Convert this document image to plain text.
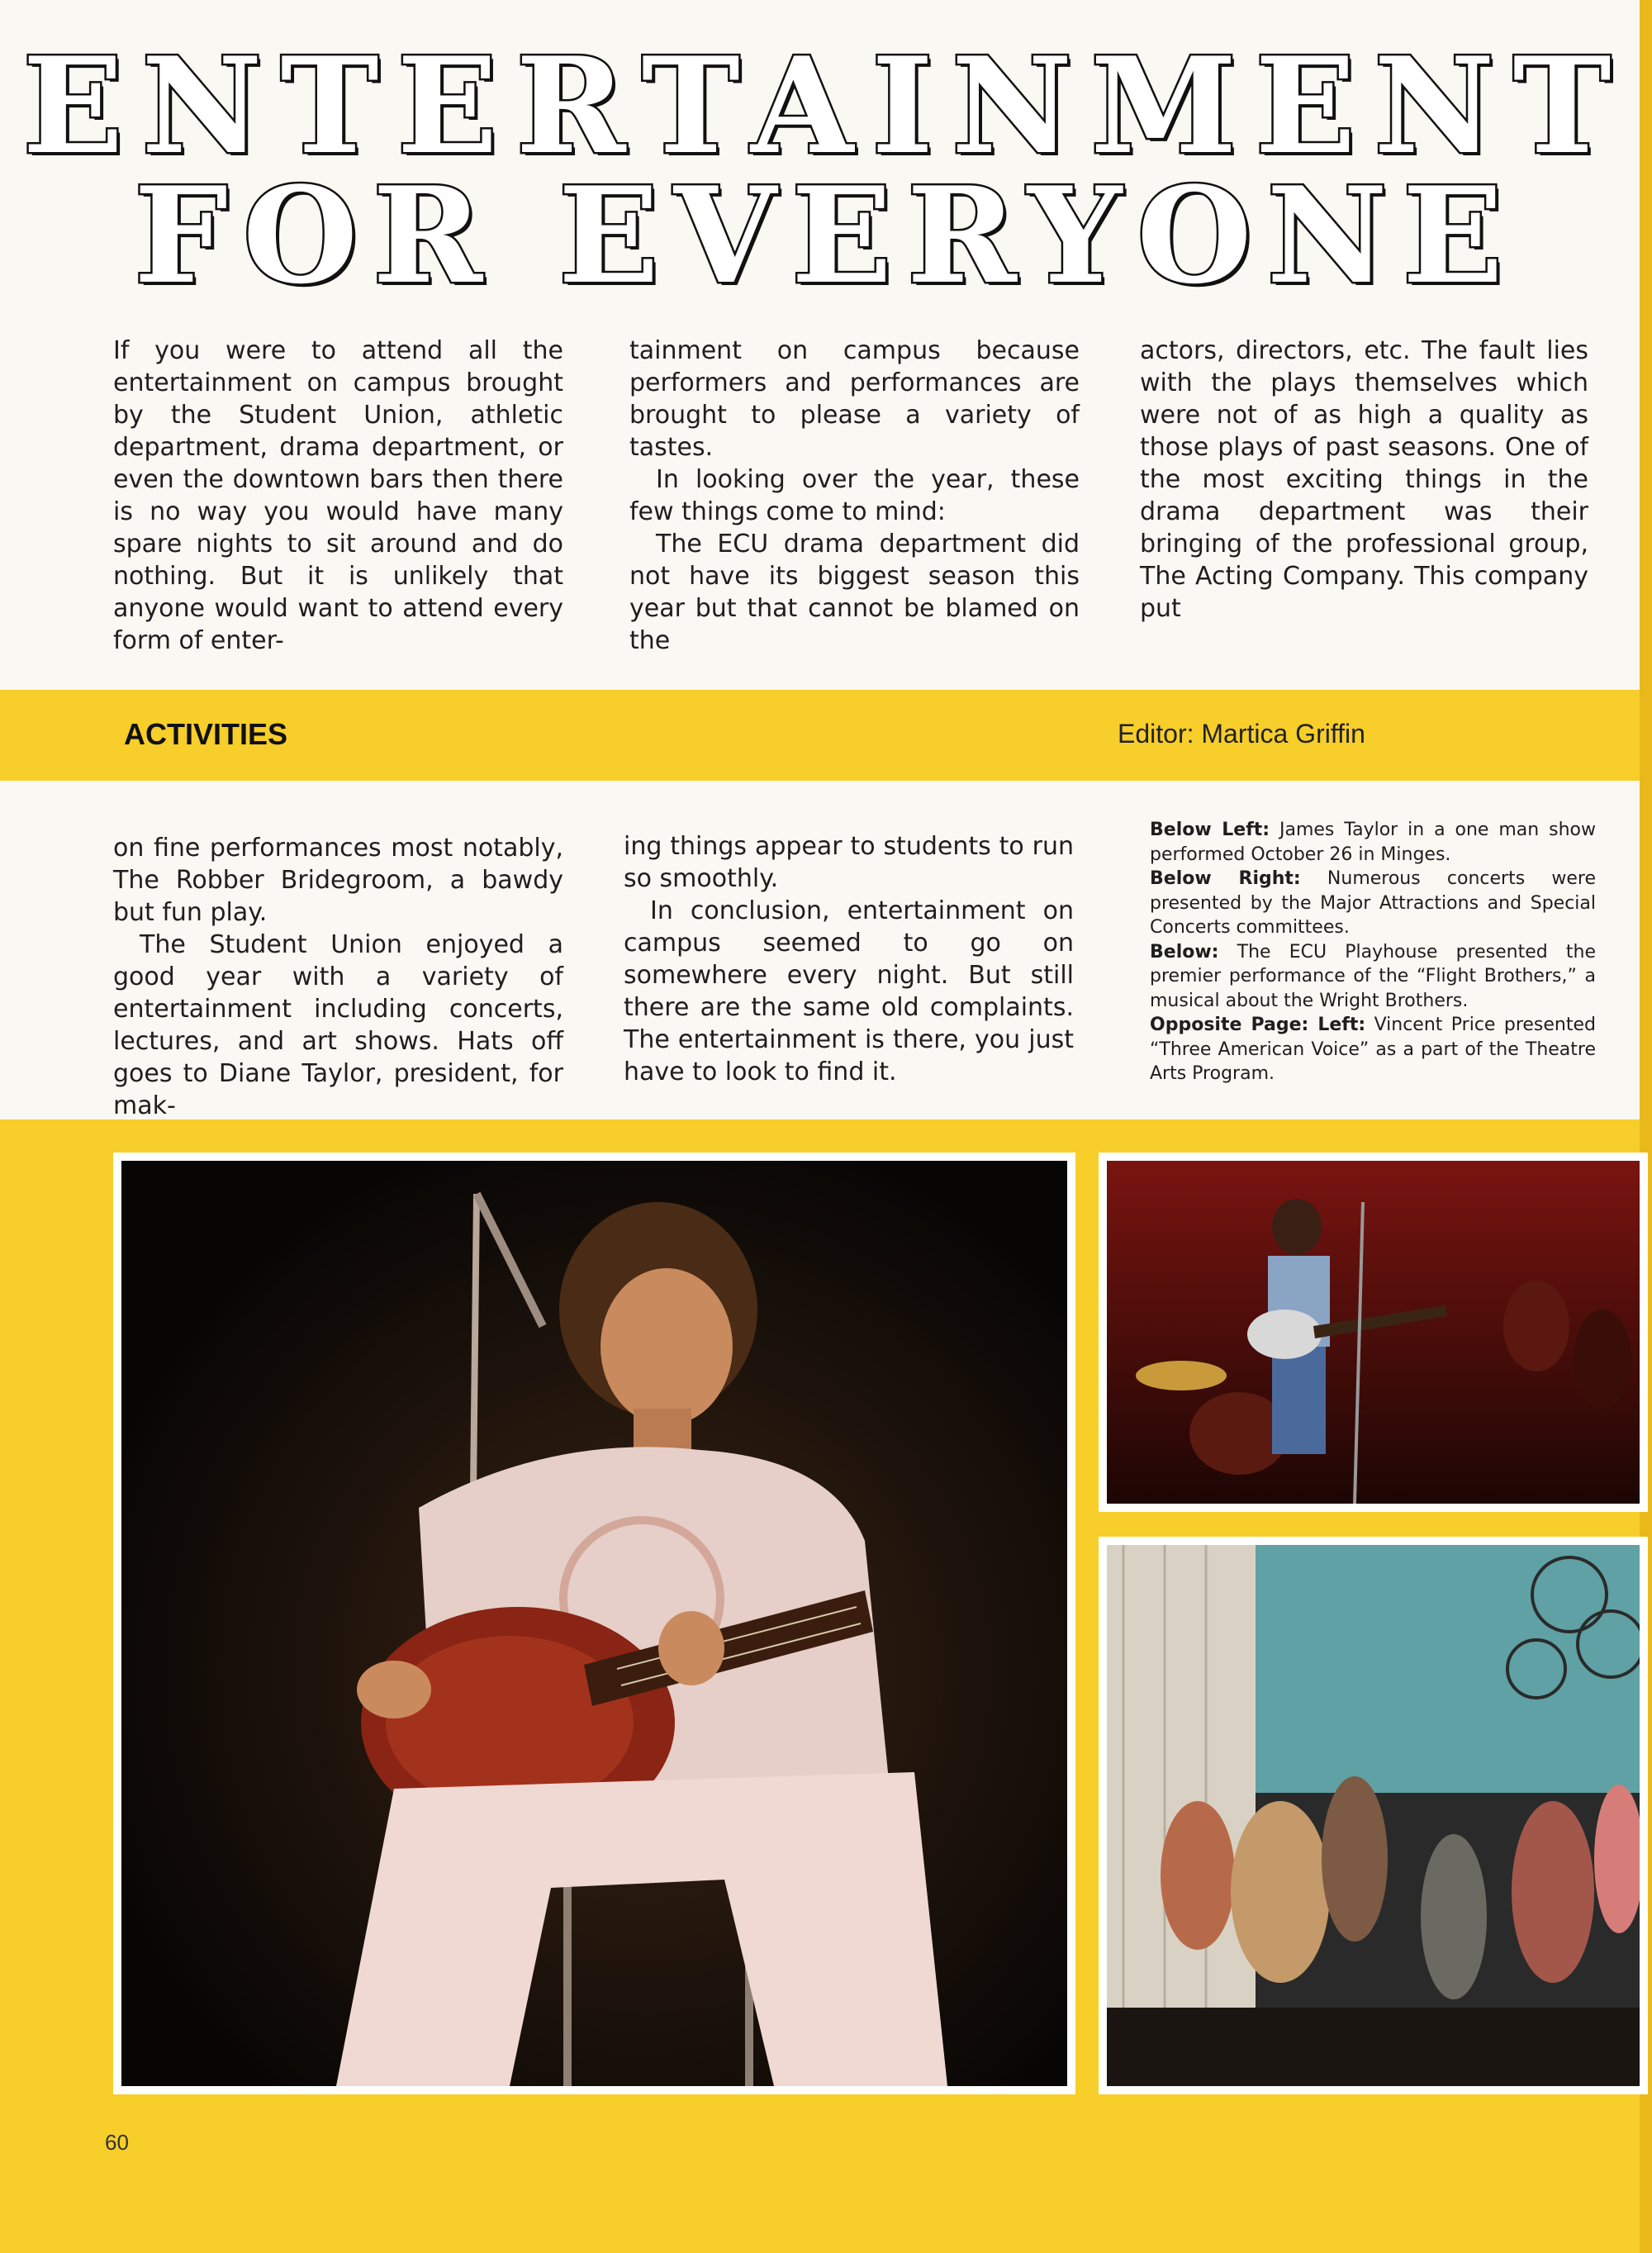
ENTERTAINMENT
FOR EVERYONE

If you were to attend all the entertainment on campus brought by the Student Union, athletic department, drama department, or even the downtown bars then there is no way you would have many spare nights to sit around and do nothing. But it is unlikely that anyone would want to attend every form of enter-

tainment on campus because performers and performances are brought to please a variety of tastes.

In looking over the year, these few things come to mind:

The ECU drama department did not have its biggest season this year but that cannot be blamed on the

actors, directors, etc. The fault lies with the plays themselves which were not of as high a quality as those plays of past seasons. One of the most exciting things in the drama department was their bringing of the professional group, The Acting Company. This company put

ACTIVITIES	Editor: Martica Griffin

on fine performances most notably, The Robber Bridegroom, a bawdy but fun play.

The Student Union enjoyed a good year with a variety of entertainment including concerts, lectures, and art shows. Hats off goes to Diane Taylor, president, for mak-

ing things appear to students to run so smoothly.

In conclusion, entertainment on campus seemed to go on somewhere every night. But still there are the same old complaints. The entertainment is there, you just have to look to find it.

Below Left: James Taylor in a one man show performed October 26 in Minges.

Below Right: Numerous concerts were presented by the Major Attractions and Special Concerts committees.

Below: The ECU Playhouse presented the premier performance of the “Flight Brothers,” a musical about the Wright Brothers.

Opposite Page: Left: Vincent Price presented “Three American Voice” as a part of the Theatre Arts Program.

60
